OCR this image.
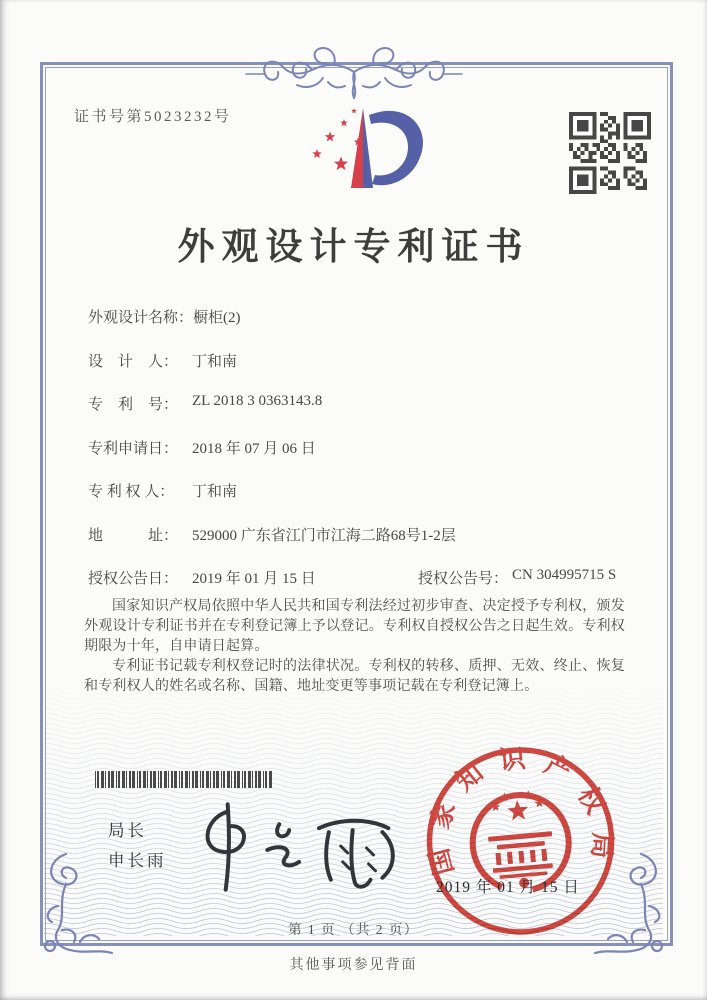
证书号第5023232号
外观设计专利证书
外观设计名称：橱柜(2)
设　计　人： 丁和南
专　利　号： ZL 2018 3 0363143.8
专利申请日： 2018 年 07 月 06 日
专 利 权 人： 丁和南
地　　　址： 529000 广东省江门市江海二路68号1-2层
授权公告日： 2019 年 01 月 15 日	授权公告号： CN 304995715 S

国家知识产权局依照中华人民共和国专利法经过初步审查、决定授予专利权，颁发外观设计专利证书并在专利登记簿上予以登记。专利权自授权公告之日起生效。专利权期限为十年，自申请日起算。

专利证书记载专利权登记时的法律状况。专利权的转移、质押、无效、终止、恢复和专利权人的姓名或名称、国籍、地址变更等事项记载在专利登记簿上。

局长
申长雨	国家知识产权局
2019 年 01 月 15 日
第 1 页 （共 2 页）
其他事项参见背面
